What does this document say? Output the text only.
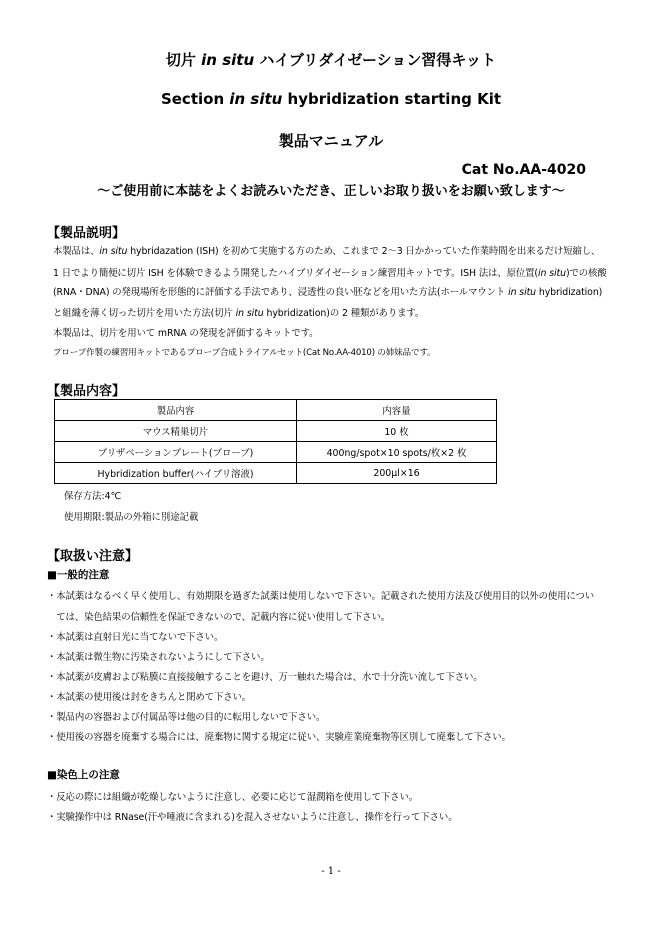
切片 in situ ハイブリダイゼーション習得キット
Section in situ hybridization starting Kit
製品マニュアル
Cat No.AA-4020
～ご使用前に本誌をよくお読みいただき、正しいお取り扱いをお願い致します～
【製品説明】
本製品は、in situ hybridazation (ISH) を初めて実施する方のため、これまで 2～3 日かかっていた作業時間を出来るだけ短縮し、
1 日でより簡便に切片 ISH を体験できるよう開発したハイブリダイゼーション練習用キットです。ISH 法は、原位置(in situ)での核酸
(RNA・DNA) の発現場所を形態的に評価する手法であり、浸透性の良い胚などを用いた方法(ホールマウント in situ hybridization)
と組織を薄く切った切片を用いた方法(切片 in situ hybridization)の 2 種類があります。
本製品は、切片を用いて mRNA の発現を評価するキットです。
プローブ作製の練習用キットであるプローブ合成トライアルセット(Cat No.AA-4010) の姉妹品です。
【製品内容】
製品内容	内容量
マウス精巣切片	10 枚
プリザベーションプレート(プローブ)	400ng/spot×10 spots/枚×2 枚
Hybridization buffer(ハイブリ溶液)	200μl×16
保存方法:4℃
使用期限:製品の外箱に別途記載
【取扱い注意】
■一般的注意
・本試薬はなるべく早く使用し、有効期限を過ぎた試薬は使用しないで下さい。記載された使用方法及び使用目的以外の使用につい
　ては、染色結果の信頼性を保証できないので、記載内容に従い使用して下さい。
・本試薬は直射日光に当てないで下さい。
・本試薬は微生物に汚染されないようにして下さい。
・本試薬が皮膚および粘膜に直接接触することを避け、万一触れた場合は、水で十分洗い流して下さい。
・本試薬の使用後は封をきちんと閉めて下さい。
・製品内の容器および付属品等は他の目的に転用しないで下さい。
・使用後の容器を廃棄する場合には、廃棄物に関する規定に従い、実験産業廃棄物等区別して廃棄して下さい。
■染色上の注意
・反応の際には組織が乾燥しないように注意し、必要に応じて湿潤箱を使用して下さい。
・実験操作中は RNase(汗や唾液に含まれる)を混入させないように注意し、操作を行って下さい。
- 1 -
